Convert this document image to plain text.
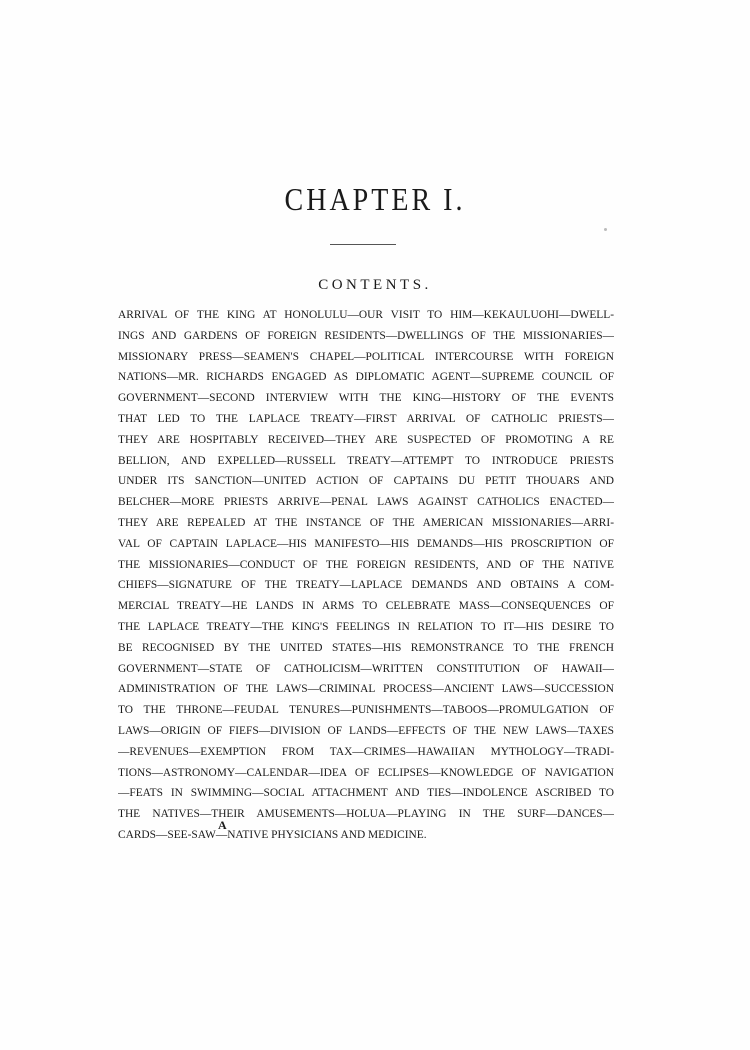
CHAPTER I.
CONTENTS.
ARRIVAL OF THE KING AT HONOLULU—OUR VISIT TO HIM—KEKAULUOHI—DWELL-
INGS AND GARDENS OF FOREIGN RESIDENTS—DWELLINGS OF THE MISSIONARIES—
MISSIONARY PRESS—SEAMEN'S CHAPEL—POLITICAL INTERCOURSE WITH FOREIGN
NATIONS—MR. RICHARDS ENGAGED AS DIPLOMATIC AGENT—SUPREME COUNCIL OF
GOVERNMENT—SECOND INTERVIEW WITH THE KING—HISTORY OF THE EVENTS
THAT LED TO THE LAPLACE TREATY—FIRST ARRIVAL OF CATHOLIC PRIESTS—
THEY ARE HOSPITABLY RECEIVED—THEY ARE SUSPECTED OF PROMOTING A RE
BELLION, AND EXPELLED—RUSSELL TREATY—ATTEMPT TO INTRODUCE PRIESTS
UNDER ITS SANCTION—UNITED ACTION OF CAPTAINS DU PETIT THOUARS AND
BELCHER—MORE PRIESTS ARRIVE—PENAL LAWS AGAINST CATHOLICS ENACTED—
THEY ARE REPEALED AT THE INSTANCE OF THE AMERICAN MISSIONARIES—ARRI-
VAL OF CAPTAIN LAPLACE—HIS MANIFESTO—HIS DEMANDS—HIS PROSCRIPTION OF
THE MISSIONARIES—CONDUCT OF THE FOREIGN RESIDENTS, AND OF THE NATIVE
CHIEFS—SIGNATURE OF THE TREATY—LAPLACE DEMANDS AND OBTAINS A COM-
MERCIAL TREATY—HE LANDS IN ARMS TO CELEBRATE MASS—CONSEQUENCES OF
THE LAPLACE TREATY—THE KING'S FEELINGS IN RELATION TO IT—HIS DESIRE TO
BE RECOGNISED BY THE UNITED STATES—HIS REMONSTRANCE TO THE FRENCH
GOVERNMENT—STATE OF CATHOLICISM—WRITTEN CONSTITUTION OF HAWAII—
ADMINISTRATION OF THE LAWS—CRIMINAL PROCESS—ANCIENT LAWS—SUCCESSION
TO THE THRONE—FEUDAL TENURES—PUNISHMENTS—TABOOS—PROMULGATION OF
LAWS—ORIGIN OF FIEFS—DIVISION OF LANDS—EFFECTS OF THE NEW LAWS—TAXES
—REVENUES—EXEMPTION FROM TAX—CRIMES—HAWAIIAN MYTHOLOGY—TRADI-
TIONS—ASTRONOMY—CALENDAR—IDEA OF ECLIPSES—KNOWLEDGE OF NAVIGATION
—FEATS IN SWIMMING—SOCIAL ATTACHMENT AND TIES—INDOLENCE ASCRIBED TO
THE NATIVES—THEIR AMUSEMENTS—HOLUA—PLAYING IN THE SURF—DANCES—
CARDS—SEE-SAW—NATIVE PHYSICIANS AND MEDICINE.
A
